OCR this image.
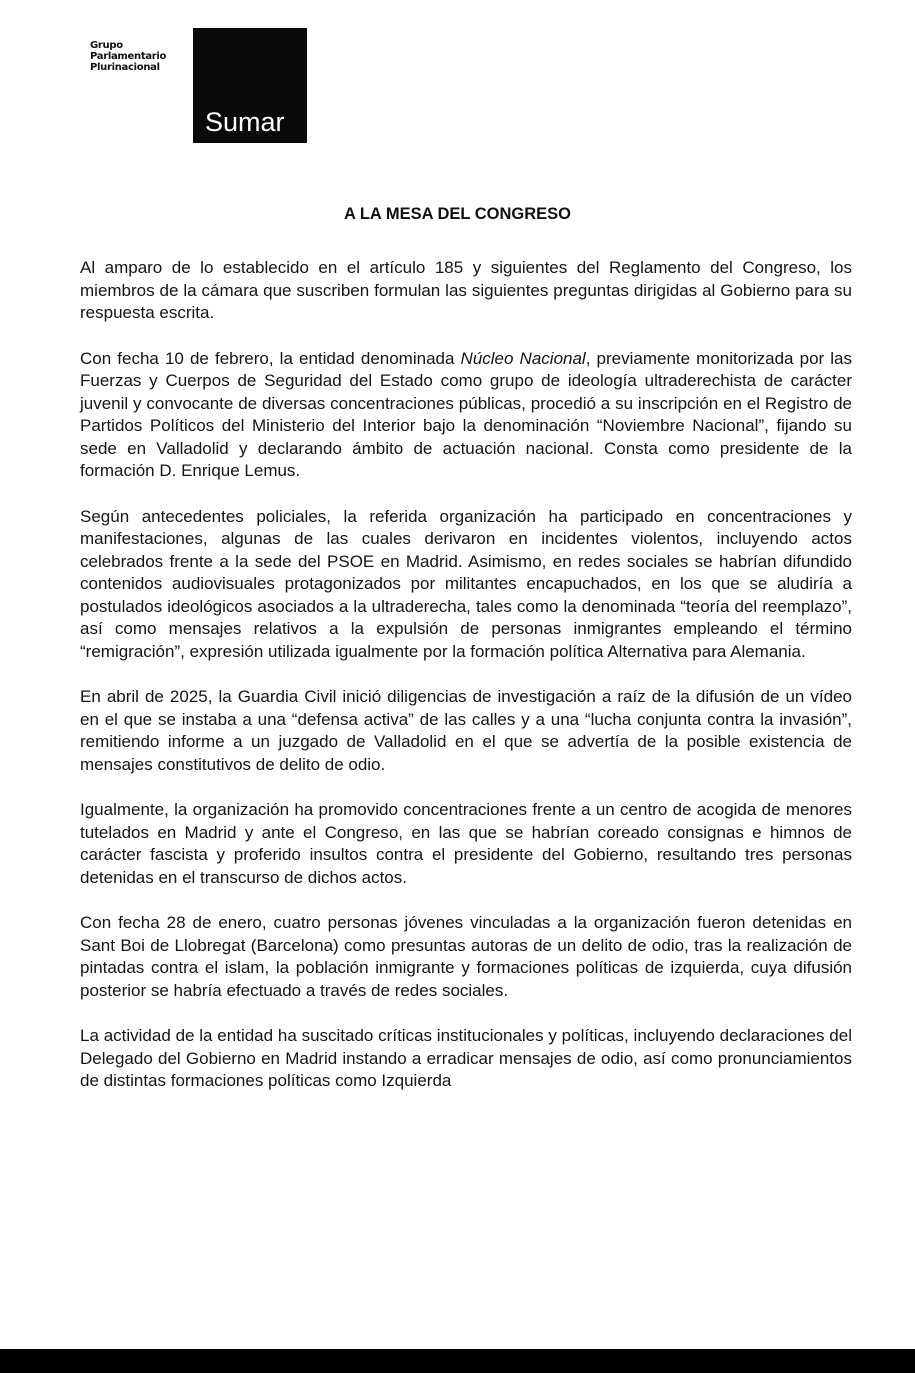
Grupo
Parlamentario
Plurinacional
Sumar
A LA MESA DEL CONGRESO

Al amparo de lo establecido en el artículo 185 y siguientes del Reglamento del Congreso, los miembros de la cámara que suscriben formulan las siguientes preguntas dirigidas al Gobierno para su respuesta escrita.

Con fecha 10 de febrero, la entidad denominada Núcleo Nacional, previamente monitorizada por las Fuerzas y Cuerpos de Seguridad del Estado como grupo de ideología ultraderechista de carácter juvenil y convocante de diversas concentraciones públicas, procedió a su inscripción en el Registro de Partidos Políticos del Ministerio del Interior bajo la denominación “Noviembre Nacional”, fijando su sede en Valladolid y declarando ámbito de actuación nacional. Consta como presidente de la formación D. Enrique Lemus.

Según antecedentes policiales, la referida organización ha participado en concentraciones y manifestaciones, algunas de las cuales derivaron en incidentes violentos, incluyendo actos celebrados frente a la sede del PSOE en Madrid. Asimismo, en redes sociales se habrían difundido contenidos audiovisuales protagonizados por militantes encapuchados, en los que se aludiría a postulados ideológicos asociados a la ultraderecha, tales como la denominada “teoría del reemplazo”, así como mensajes relativos a la expulsión de personas inmigrantes empleando el término “remigración”, expresión utilizada igualmente por la formación política Alternativa para Alemania.

En abril de 2025, la Guardia Civil inició diligencias de investigación a raíz de la difusión de un vídeo en el que se instaba a una “defensa activa” de las calles y a una “lucha conjunta contra la invasión”, remitiendo informe a un juzgado de Valladolid en el que se advertía de la posible existencia de mensajes constitutivos de delito de odio.

Igualmente, la organización ha promovido concentraciones frente a un centro de acogida de menores tutelados en Madrid y ante el Congreso, en las que se habrían coreado consignas e himnos de carácter fascista y proferido insultos contra el presidente del Gobierno, resultando tres personas detenidas en el transcurso de dichos actos.

Con fecha 28 de enero, cuatro personas jóvenes vinculadas a la organización fueron detenidas en Sant Boi de Llobregat (Barcelona) como presuntas autoras de un delito de odio, tras la realización de pintadas contra el islam, la población inmigrante y formaciones políticas de izquierda, cuya difusión posterior se habría efectuado a través de redes sociales.

La actividad de la entidad ha suscitado críticas institucionales y políticas, incluyendo declaraciones del Delegado del Gobierno en Madrid instando a erradicar mensajes de odio, así como pronunciamientos de distintas formaciones políticas como Izquierda
